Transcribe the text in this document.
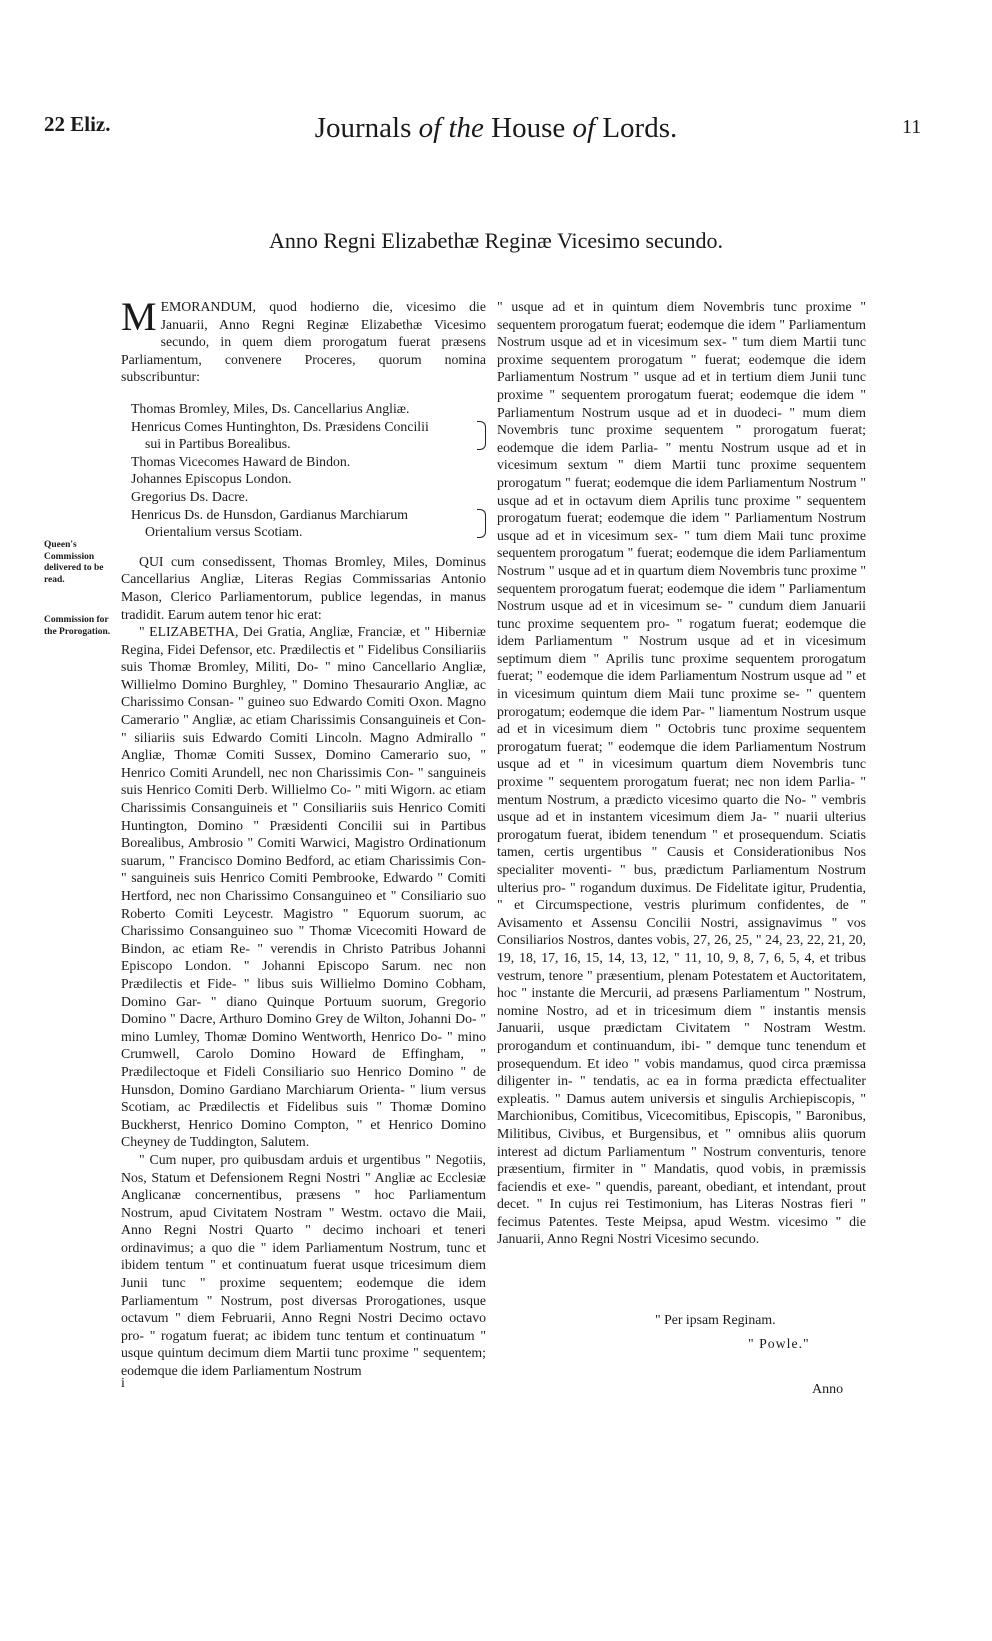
22 Eliz.	Journals of the House of Lords.	11
Anno Regni Elizabethæ Reginæ Vicesimo secundo.
Queen's Commission delivered to be read.
Commission for the Prorogation.

MEMORANDUM, quod hodierno die, vicesimo die Januarii, Anno Regni Reginæ Elizabethæ Vicesimo secundo, in quem diem prorogatum fuerat præsens Parliamentum, convenere Proceres, quorum nomina subscribuntur:

Thomas Bromley, Miles, Ds. Cancellarius Angliæ.
Henricus Comes Huntinghton, Ds. Præsidens Concilii
sui in Partibus Borealibus.
Thomas Vicecomes Haward de Bindon.
Johannes Episcopus London.
Gregorius Ds. Dacre.
Henricus Ds. de Hunsdon, Gardianus Marchiarum
Orientalium versus Scotiam.

QUI cum consedissent, Thomas Bromley, Miles, Dominus Cancellarius Angliæ, Literas Regias Commissarias Antonio Mason, Clerico Parliamentorum, publice legendas, in manus tradidit. Earum autem tenor hic erat:

" ELIZABETHA, Dei Gratia, Angliæ, Franciæ, et " Hiberniæ Regina, Fidei Defensor, etc. Prædilectis et " Fidelibus Consiliariis suis Thomæ Bromley, Militi, Do- " mino Cancellario Angliæ, Willielmo Domino Burghley, " Domino Thesaurario Angliæ, ac Charissimo Consan- " guineo suo Edwardo Comiti Oxon. Magno Camerario " Angliæ, ac etiam Charissimis Consanguineis et Con- " siliariis suis Edwardo Comiti Lincoln. Magno Admirallo " Angliæ, Thomæ Comiti Sussex, Domino Camerario suo, " Henrico Comiti Arundell, nec non Charissimis Con- " sanguineis suis Henrico Comiti Derb. Willielmo Co- " miti Wigorn. ac etiam Charissimis Consanguineis et " Consiliariis suis Henrico Comiti Huntington, Domino " Præsidenti Concilii sui in Partibus Borealibus, Ambrosio " Comiti Warwici, Magistro Ordinationum suarum, " Francisco Domino Bedford, ac etiam Charissimis Con- " sanguineis suis Henrico Comiti Pembrooke, Edwardo " Comiti Hertford, nec non Charissimo Consanguineo et " Consiliario suo Roberto Comiti Leycestr. Magistro " Equorum suorum, ac Charissimo Consanguineo suo " Thomæ Vicecomiti Howard de Bindon, ac etiam Re- " verendis in Christo Patribus Johanni Episcopo London. " Johanni Episcopo Sarum. nec non Prædilectis et Fide- " libus suis Willielmo Domino Cobham, Domino Gar- " diano Quinque Portuum suorum, Gregorio Domino " Dacre, Arthuro Domino Grey de Wilton, Johanni Do- " mino Lumley, Thomæ Domino Wentworth, Henrico Do- " mino Crumwell, Carolo Domino Howard de Effingham, " Prædilectoque et Fideli Consiliario suo Henrico Domino " de Hunsdon, Domino Gardiano Marchiarum Orienta- " lium versus Scotiam, ac Prædilectis et Fidelibus suis " Thomæ Domino Buckherst, Henrico Domino Compton, " et Henrico Domino Cheyney de Tuddington, Salutem.

" Cum nuper, pro quibusdam arduis et urgentibus " Negotiis, Nos, Statum et Defensionem Regni Nostri " Angliæ ac Ecclesiæ Anglicanæ concernentibus, præsens " hoc Parliamentum Nostrum, apud Civitatem Nostram " Westm. octavo die Maii, Anno Regni Nostri Quarto " decimo inchoari et teneri ordinavimus; a quo die " idem Parliamentum Nostrum, tunc et ibidem tentum " et continuatum fuerat usque tricesimum diem Junii tunc " proxime sequentem; eodemque die idem Parliamentum " Nostrum, post diversas Prorogationes, usque octavum " diem Februarii, Anno Regni Nostri Decimo octavo pro- " rogatum fuerat; ac ibidem tunc tentum et continuatum " usque quintum decimum diem Martii tunc proxime " sequentem; eodemque die idem Parliamentum Nostrum

i

" usque ad et in quintum diem Novembris tunc proxime " sequentem prorogatum fuerat; eodemque die idem " Parliamentum Nostrum usque ad et in vicesimum sex- " tum diem Martii tunc proxime sequentem prorogatum " fuerat; eodemque die idem Parliamentum Nostrum " usque ad et in tertium diem Junii tunc proxime " sequentem prorogatum fuerat; eodemque die idem " Parliamentum Nostrum usque ad et in duodeci- " mum diem Novembris tunc proxime sequentem " prorogatum fuerat; eodemque die idem Parlia- " mentu Nostrum usque ad et in vicesimum sextum " diem Martii tunc proxime sequentem prorogatum " fuerat; eodemque die idem Parliamentum Nostrum " usque ad et in octavum diem Aprilis tunc proxime " sequentem prorogatum fuerat; eodemque die idem " Parliamentum Nostrum usque ad et in vicesimum sex- " tum diem Maii tunc proxime sequentem prorogatum " fuerat; eodemque die idem Parliamentum Nostrum " usque ad et in quartum diem Novembris tunc proxime " sequentem prorogatum fuerat; eodemque die idem " Parliamentum Nostrum usque ad et in vicesimum se- " cundum diem Januarii tunc proxime sequentem pro- " rogatum fuerat; eodemque die idem Parliamentum " Nostrum usque ad et in vicesimum septimum diem " Aprilis tunc proxime sequentem prorogatum fuerat; " eodemque die idem Parliamentum Nostrum usque ad " et in vicesimum quintum diem Maii tunc proxime se- " quentem prorogatum; eodemque die idem Par- " liamentum Nostrum usque ad et in vicesimum diem " Octobris tunc proxime sequentem prorogatum fuerat; " eodemque die idem Parliamentum Nostrum usque ad et " in vicesimum quartum diem Novembris tunc proxime " sequentem prorogatum fuerat; nec non idem Parlia- " mentum Nostrum, a prædicto vicesimo quarto die No- " vembris usque ad et in instantem vicesimum diem Ja- " nuarii ulterius prorogatum fuerat, ibidem tenendum " et prosequendum. Sciatis tamen, certis urgentibus " Causis et Considerationibus Nos specialiter moventi- " bus, prædictum Parliamentum Nostrum ulterius pro- " rogandum duximus. De Fidelitate igitur, Prudentia, " et Circumspectione, vestris plurimum confidentes, de " Avisamento et Assensu Concilii Nostri, assignavimus " vos Consiliarios Nostros, dantes vobis, 27, 26, 25, " 24, 23, 22, 21, 20, 19, 18, 17, 16, 15, 14, 13, 12, " 11, 10, 9, 8, 7, 6, 5, 4, et tribus vestrum, tenore " præsentium, plenam Potestatem et Auctoritatem, hoc " instante die Mercurii, ad præsens Parliamentum " Nostrum, nomine Nostro, ad et in tricesimum diem " instantis mensis Januarii, usque prædictam Civitatem " Nostram Westm. prorogandum et continuandum, ibi- " demque tunc tenendum et prosequendum. Et ideo " vobis mandamus, quod circa præmissa diligenter in- " tendatis, ac ea in forma prædicta effectualiter expleatis. " Damus autem universis et singulis Archiepiscopis, " Marchionibus, Comitibus, Vicecomitibus, Episcopis, " Baronibus, Militibus, Civibus, et Burgensibus, et " omnibus aliis quorum interest ad dictum Parliamentum " Nostrum conventuris, tenore præsentium, firmiter in " Mandatis, quod vobis, in præmissis faciendis et exe- " quendis, pareant, obediant, et intendant, prout decet. " In cujus rei Testimonium, has Literas Nostras fieri " fecimus Patentes. Teste Meipsa, apud Westm. vicesimo " die Januarii, Anno Regni Nostri Vicesimo secundo.

" Per ipsam Reginam.
" Powle."
Anno
